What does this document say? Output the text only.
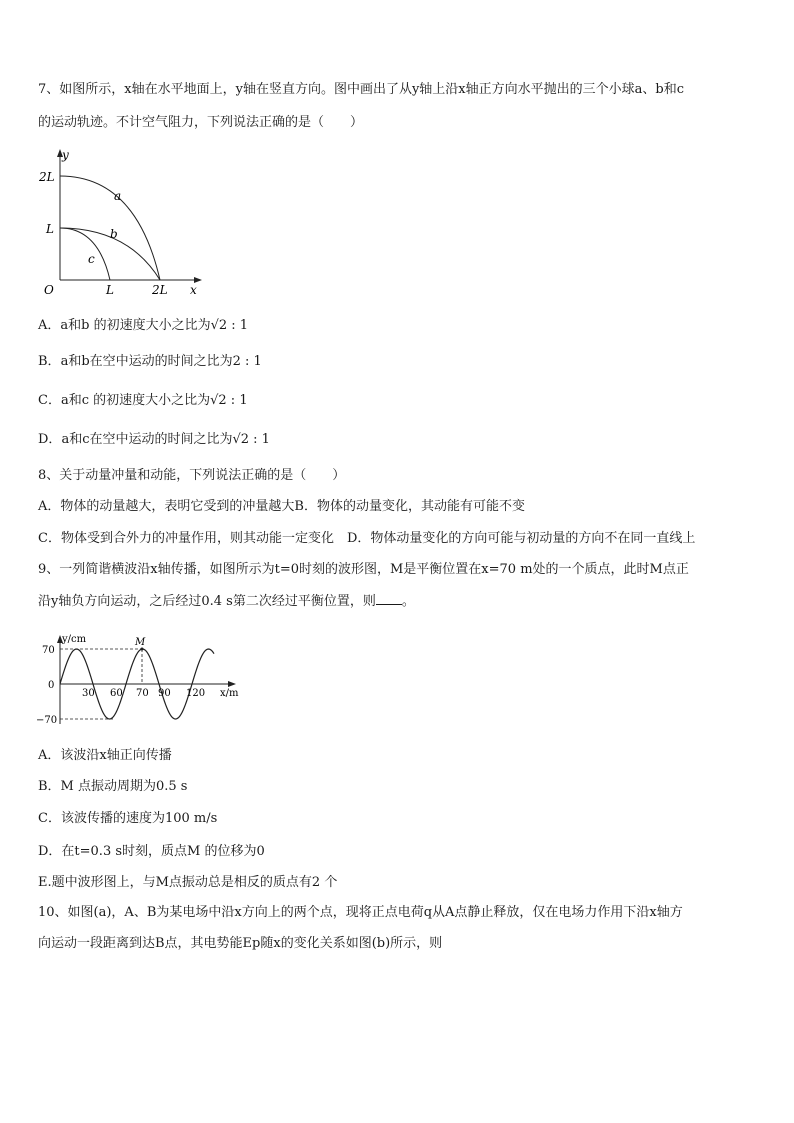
7、如图所示，x轴在水平地面上，y轴在竖直方向。图中画出了从y轴上沿x轴正方向水平抛出的三个小球a、b和c
的运动轨迹。不计空气阻力，下列说法正确的是（　　）
y
x
O
2L
L
L	2L
a
b
c
A．a和b 的初速度大小之比为√2 : 1
B．a和b在空中运动的时间之比为2 : 1
C．a和c 的初速度大小之比为√2 : 1
D．a和c在空中运动的时间之比为√2 : 1
8、关于动量冲量和动能，下列说法正确的是（　　）
A．物体的动量越大，表明它受到的冲量越大B．物体的动量变化，其动能有可能不变
C．物体受到合外力的冲量作用，则其动能一定变化　D．物体动量变化的方向可能与初动量的方向不在同一直线上
9、一列简谐横波沿x轴传播，如图所示为t=0时刻的波形图，M是平衡位置在x=70 m处的一个质点，此时M点正
沿y轴负方向运动，之后经过0.4 s第二次经过平衡位置，则 。
y/cm
x/m
M
70
0
−70
30 60 70 90 120
A．该波沿x轴正向传播
B．M 点振动周期为0.5 s
C．该波传播的速度为100 m/s
D．在t=0.3 s时刻，质点M 的位移为0
E.题中波形图上，与M点振动总是相反的质点有2 个
10、如图(a)，A、B为某电场中沿x方向上的两个点，现将正点电荷q从A点静止释放，仅在电场力作用下沿x轴方
向运动一段距离到达B点，其电势能Ep随x的变化关系如图(b)所示，则
